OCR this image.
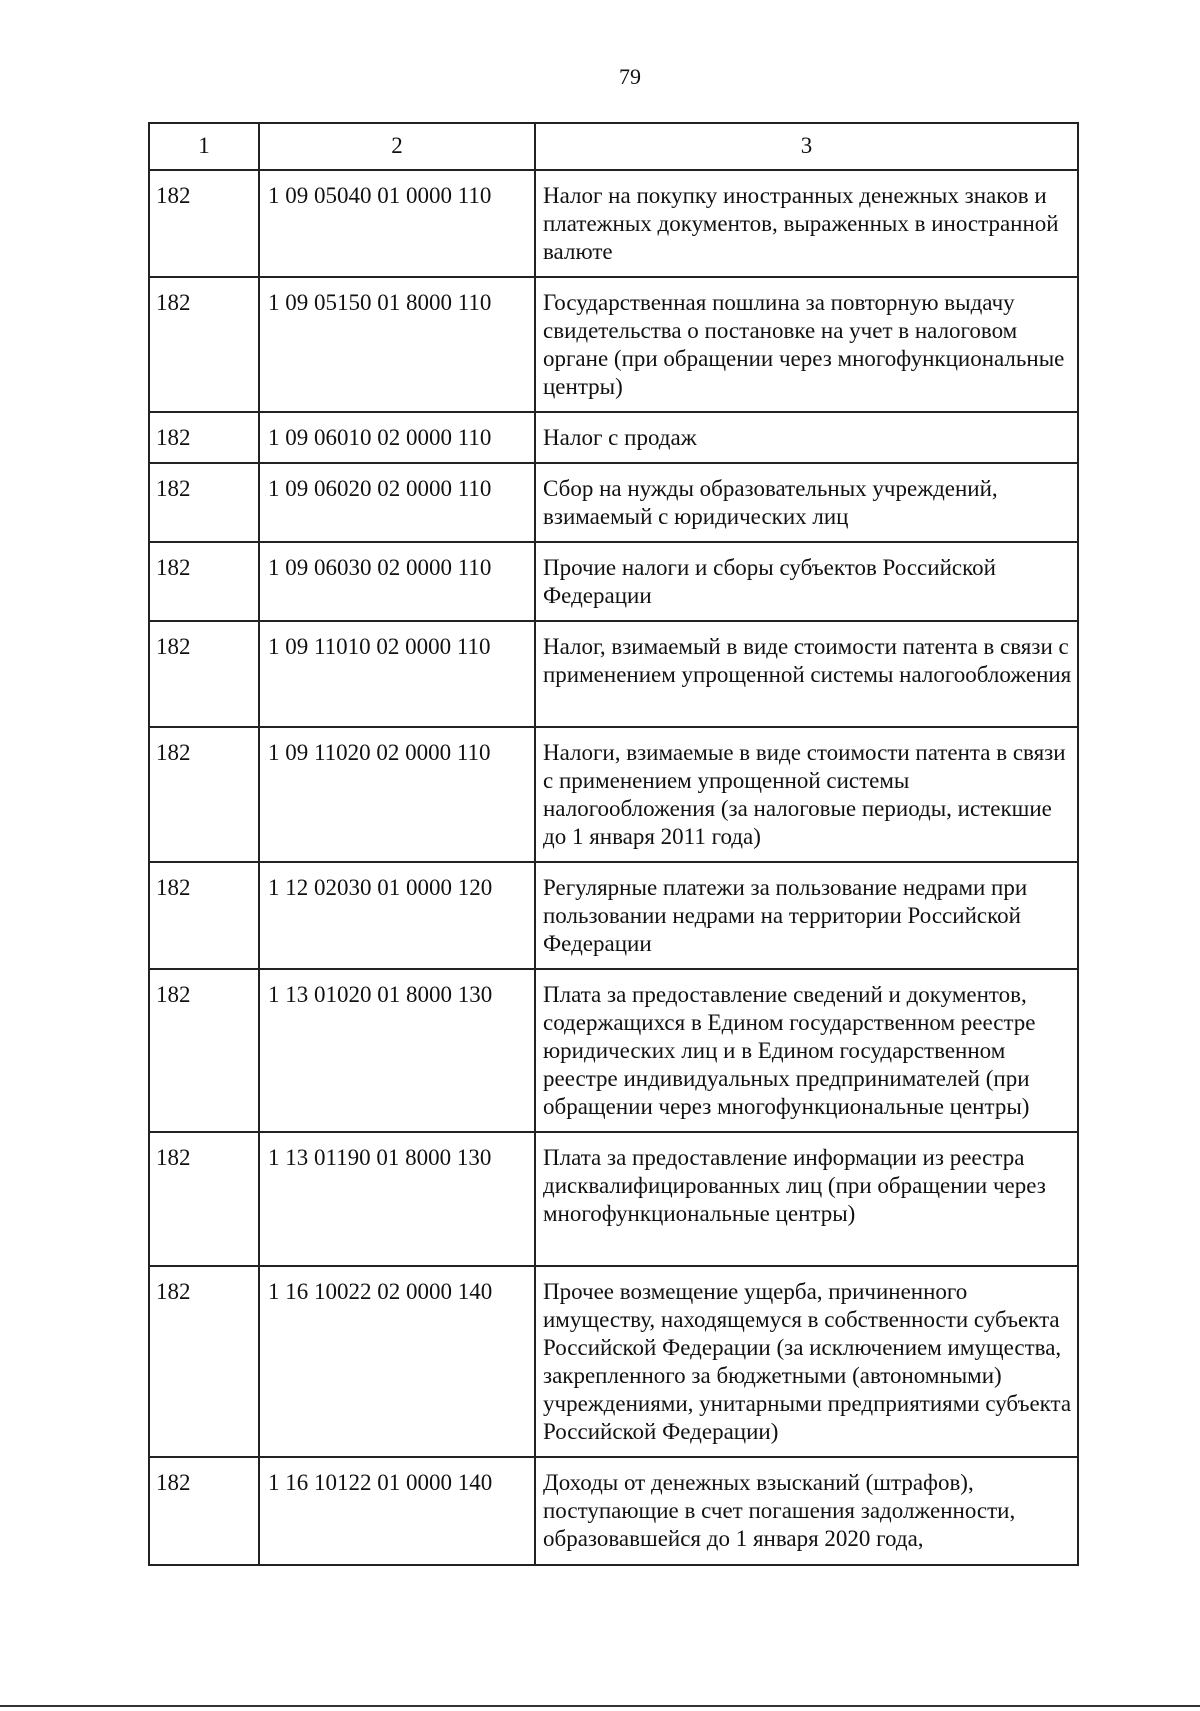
79
1	2	3
182	1 09 05040 01 0000 110	Налог на покупку иностранных денежных знаков и платежных документов, выраженных в иностранной валюте
182	1 09 05150 01 8000 110	Государственная пошлина за повторную выдачу свидетельства о постановке на учет в налоговом органе (при обращении через многофункциональные центры)
182	1 09 06010 02 0000 110	Налог с продаж
182	1 09 06020 02 0000 110	Сбор на нужды образовательных учреждений, взимаемый с юридических лиц
182	1 09 06030 02 0000 110	Прочие налоги и сборы субъектов Российской Федерации
182	1 09 11010 02 0000 110	Налог, взимаемый в виде стоимости патента в связи с применением упрощенной системы налогообложения
182	1 09 11020 02 0000 110	Налоги, взимаемые в виде стоимости патента в связи с применением упрощенной системы налогообложения (за налоговые периоды, истекшие до 1 января 2011 года)
182	1 12 02030 01 0000 120	Регулярные платежи за пользование недрами при пользовании недрами на территории Российской Федерации
182	1 13 01020 01 8000 130	Плата за предоставление сведений и документов, содержащихся в Едином государственном реестре юридических лиц и в Едином государственном реестре индивидуальных предпринимателей (при обращении через многофункциональные центры)
182	1 13 01190 01 8000 130	Плата за предоставление информации из реестра дисквалифицированных лиц (при обращении через многофункциональные центры)
182	1 16 10022 02 0000 140	Прочее возмещение ущерба, причиненного имуществу, находящемуся в собственности субъекта Российской Федерации (за исключением имущества, закрепленного за бюджетными (автономными) учреждениями, унитарными предприятиями субъекта Российской Федерации)
182	1 16 10122 01 0000 140	Доходы от денежных взысканий (штрафов), поступающие в счет погашения задолженности, образовавшейся до 1 января 2020 года,
